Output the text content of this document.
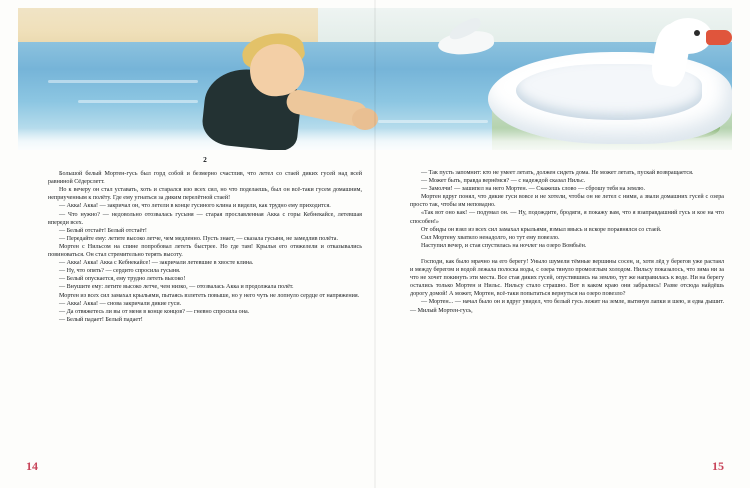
2

Большой белый Мортен-гусь был горд собой и безмерно счастлив, что летел со стаей диких гусей над всей равниной Сёдерслетт.

Но к вечеру он стал уставать, хоть и старался изо всех сил, но что поделаешь, был он всё-таки гусем домашним, неприученным к полёту. Где ему угнаться за диким перелётной стаей!

— Акка! Акка! — закричал он, что летели в конце гусиного клина и видели, как трудно ему приходится.

— Что нужно? — недовольно отозвалась гусыня — старая прославленная Акка с горы Кебнекайсе, летевшая впереди всех.

— Белый отстаёт! Белый отстаёт!

— Передайте ему: летите высоко летче, чем медленно. Пусть знает, — сказала гусыня, не замедлив полёта.

Мортен с Нильсом на спине попробовал лететь быстрее. Но где там! Крылья его отяжелели и отказывались повиноваться. Он стал стремительно терять высоту.

— Акка! Акка! Акка с Кебнекайсе! — закричали летевшие в хвосте клина.

— Ну, что опять? — сердито спросила гусыня.

— Белый опускается, ему трудно лететь высоко!

— Внушите ему: летите высоко летче, чем низко, — отозвалась Акка и продолжала полёт.

Мортен из всех сил замахал крыльями, пытаясь взлететь повыше, но у него чуть не лопнуло сердце от напряжения.

— Акка! Акка! — снова закричали дикие гуси.

— Да отвяжетесь ли вы от меня в конце концов? — гневно спросила она.

— Белый падает! Белый падает!

— Так пусть запомнит: кто не умеет летать, должен сидеть дома. Не может летать, пускай возвращается.

— Может быть, правда вернёмся? — с надеждой сказал Нильс.

— Замолчи! — зашипел на него Мортен. — Скажешь слово — сброшу тебя на землю.

Мортен вдруг понял, что дикие гуси вовсе и не хотели, чтобы он не летел с ними, а звали домашних гусей с озера просто так, чтобы им неповадно.

«Так вот оно как! — подумал он. — Ну, подождите, бродяги, я покажу вам, что я взаправдашний гусь и кое на что способен!»

От обиды он взял из всех сил замахал крыльями, взмыл ввысь и вскоре поравнялся со стаей.

Сил Мортену хватило ненадолго, но тут ему повезло.

Наступил вечер, и стая спустилась на ночлег на озеро Вомбьён.

Господи, как было мрачно на его берегу! Уныло шумели тёмные вершины сосен, и, хотя лёд у берегов уже растаял и между берегом и водой лежала полоска воды, с озера тянуло промозглым холодом. Нильсу показалось, что зима ни за что не хочет покинуть эти места. Все стая диких гусей, опустившись на землю, тут же направилась к воде. Ни на берегу остались только Мортен и Нильс. Нильсу стало страшно. Вот в каком краю они забрались! Разве отсюда найдёшь дорогу домой! А может, Мортен, всё-таки попытаться вернуться на озеро повезло?

— Мортен... — начал было он и вдруг увидел, что белый гусь лежит на земле, вытянув лапки и шею, и едва дышит. — Милый Мортен-гусь,

14	15
